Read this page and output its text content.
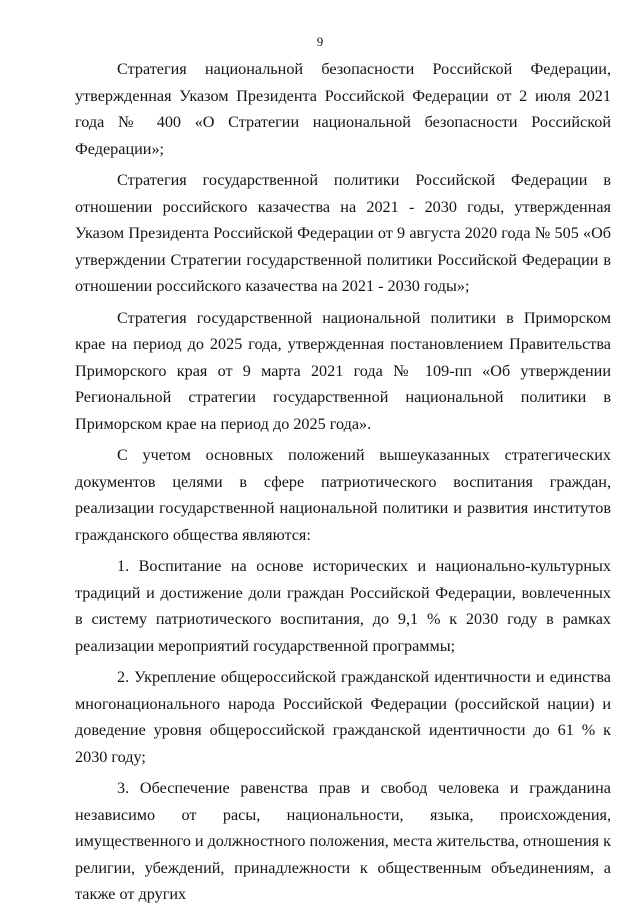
9

Стратегия национальной безопасности Российской Федерации, утвержденная Указом Президента Российской Федерации от 2 июля 2021 года № 400 «О Стратегии национальной безопасности Российской Федерации»;

Стратегия государственной политики Российской Федерации в отношении российского казачества на 2021 - 2030 годы, утвержденная Указом Президента Российской Федерации от 9 августа 2020 года № 505 «Об утверждении Стратегии государственной политики Российской Федерации в отношении российского казачества на 2021 - 2030 годы»;

Стратегия государственной национальной политики в Приморском крае на период до 2025 года, утвержденная постановлением Правительства Приморского края от 9 марта 2021 года № 109-пп «Об утверждении Региональной стратегии государственной национальной политики в Приморском крае на период до 2025 года».

С учетом основных положений вышеуказанных стратегических документов целями в сфере патриотического воспитания граждан, реализации государственной национальной политики и развития институтов гражданского общества являются:

1. Воспитание на основе исторических и национально-культурных традиций и достижение доли граждан Российской Федерации, вовлеченных в систему патриотического воспитания, до 9,1 % к 2030 году в рамках реализации мероприятий государственной программы;

2. Укрепление общероссийской гражданской идентичности и единства многонационального народа Российской Федерации (российской нации) и доведение уровня общероссийской гражданской идентичности до 61 % к 2030 году;

3. Обеспечение равенства прав и свобод человека и гражданина независимо от расы, национальности, языка, происхождения, имущественного и должностного положения, места жительства, отношения к религии, убеждений, принадлежности к общественным объединениям, а также от других
